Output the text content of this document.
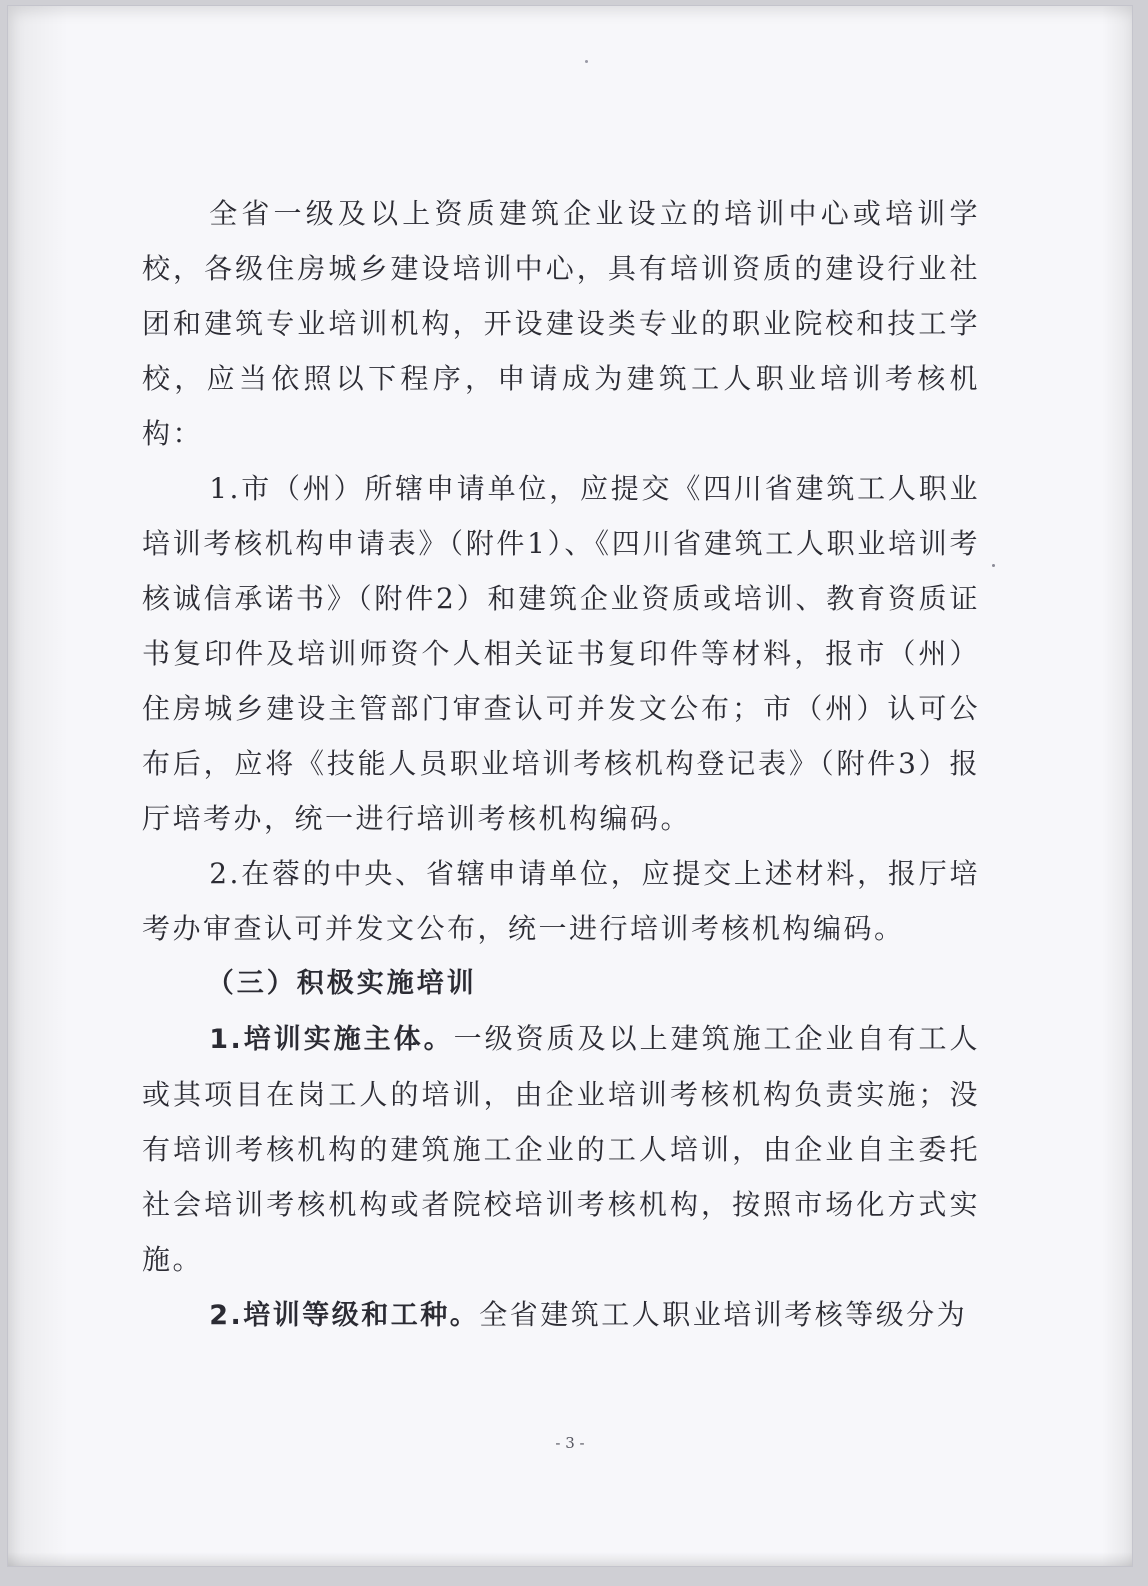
全省一级及以上资质建筑企业设立的培训中心或培训学校，各级住房城乡建设培训中心，具有培训资质的建设行业社团和建筑专业培训机构，开设建设类专业的职业院校和技工学校，应当依照以下程序，申请成为建筑工人职业培训考核机构：

1.市（州）所辖申请单位，应提交《四川省建筑工人职业培训考核机构申请表》（附件1）、《四川省建筑工人职业培训考核诚信承诺书》（附件2）和建筑企业资质或培训、教育资质证书复印件及培训师资个人相关证书复印件等材料，报市（州）住房城乡建设主管部门审查认可并发文公布；市（州）认可公布后，应将《技能人员职业培训考核机构登记表》（附件3）报厅培考办，统一进行培训考核机构编码。

2.在蓉的中央、省辖申请单位，应提交上述材料，报厅培考办审查认可并发文公布，统一进行培训考核机构编码。

（三）积极实施培训

1.培训实施主体。一级资质及以上建筑施工企业自有工人或其项目在岗工人的培训，由企业培训考核机构负责实施；没有培训考核机构的建筑施工企业的工人培训，由企业自主委托社会培训考核机构或者院校培训考核机构，按照市场化方式实施。

2.培训等级和工种。全省建筑工人职业培训考核等级分为

- 3 -
